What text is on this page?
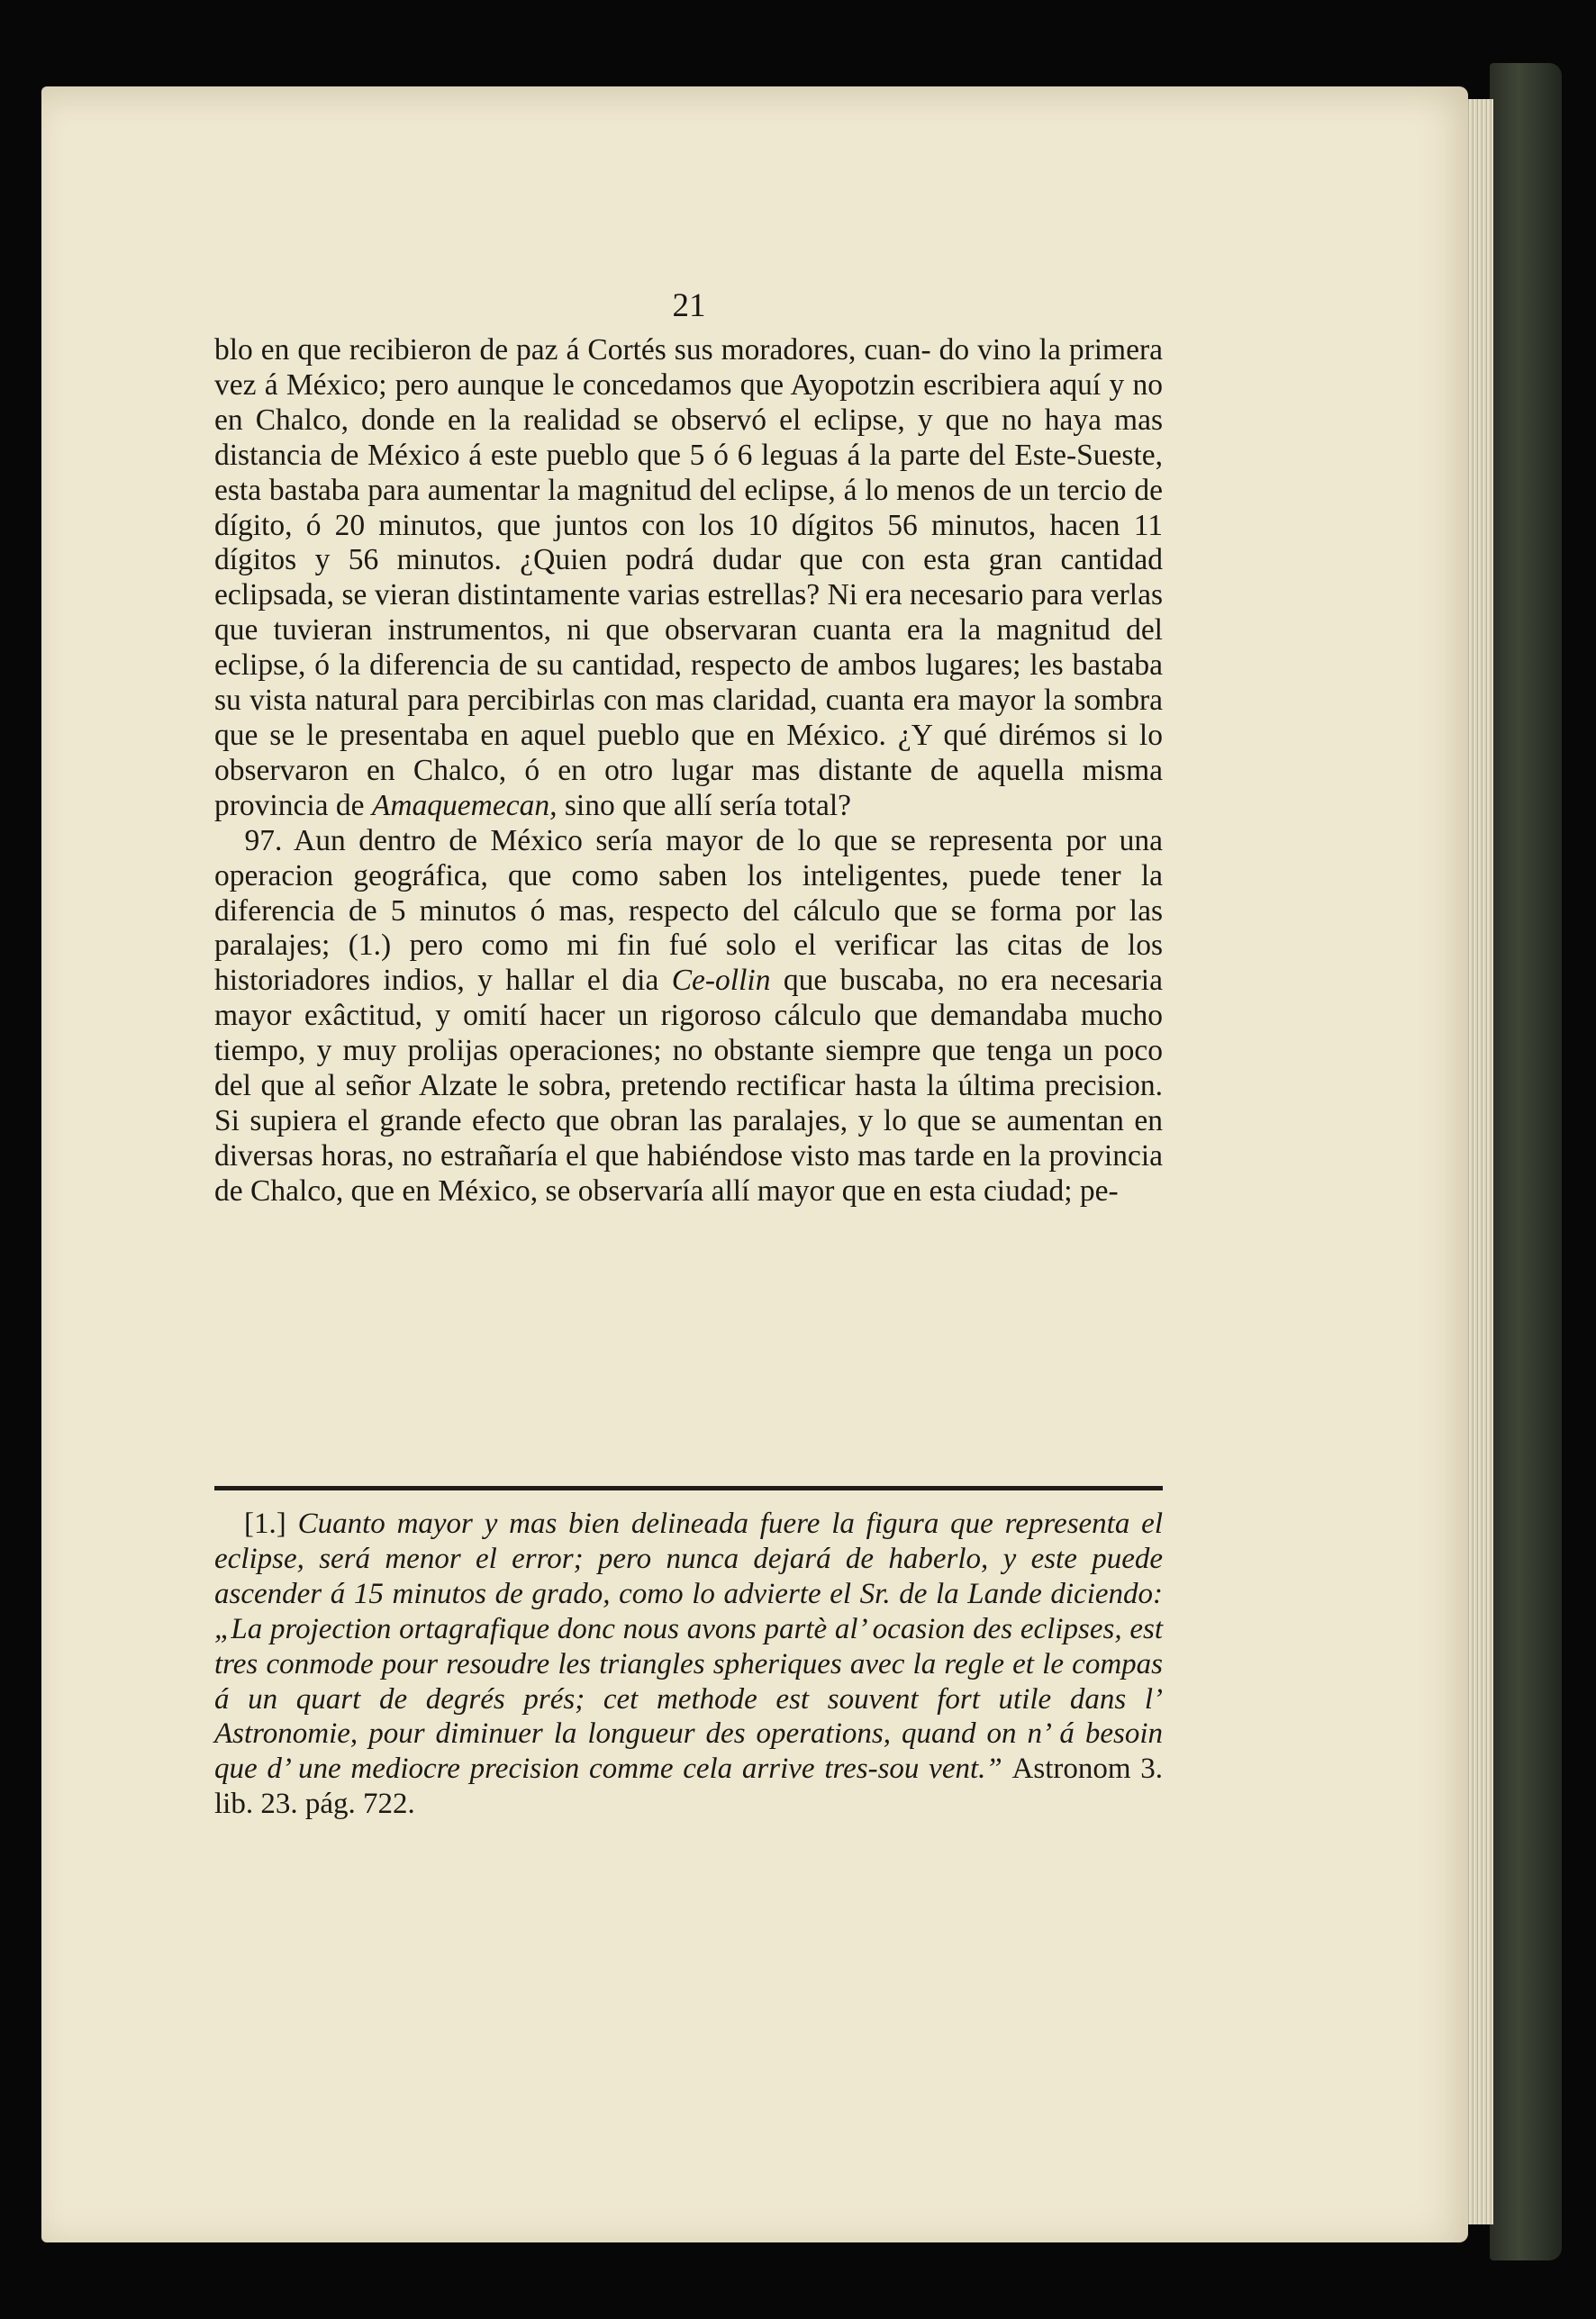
21

blo en que recibieron de paz á Cortés sus moradores, cuan- do vino la primera vez á México; pero aunque le concedamos que Ayopotzin escribiera aquí y no en Chalco, donde en la realidad se observó el eclipse, y que no haya mas distancia de México á este pueblo que 5 ó 6 leguas á la parte del Este-Sueste, esta bastaba para aumentar la magnitud del eclipse, á lo menos de un tercio de dígito, ó 20 minutos, que juntos con los 10 dígitos 56 minutos, hacen 11 dígitos y 56 minutos. ¿Quien podrá dudar que con esta gran cantidad eclipsada, se vieran distintamente varias estrellas? Ni era necesario para verlas que tuvieran instrumentos, ni que observaran cuanta era la magnitud del eclipse, ó la diferencia de su cantidad, respecto de ambos lugares; les bastaba su vista natural para percibirlas con mas claridad, cuanta era mayor la sombra que se le presentaba en aquel pueblo que en México. ¿Y qué dirémos si lo observaron en Chalco, ó en otro lugar mas distante de aquella misma provincia de Amaquemecan, sino que allí sería total?
 97. Aun dentro de México sería mayor de lo que se representa por una operacion geográfica, que como saben los inteligentes, puede tener la diferencia de 5 minutos ó mas, respecto del cálculo que se forma por las paralajes; (1.) pero como mi fin fué solo el verificar las citas de los historiadores indios, y hallar el dia Ce-ollin que buscaba, no era necesaria mayor exâctitud, y omití hacer un rigoroso cálculo que demandaba mucho tiempo, y muy prolijas operaciones; no obstante siempre que tenga un poco del que al señor Alzate le sobra, pretendo rectificar hasta la última precision. Si supiera el grande efecto que obran las paralajes, y lo que se aumentan en diversas horas, no estrañaría el que habiéndose visto mas tarde en la provincia de Chalco, que en México, se observaría allí mayor que en esta ciudad; pe-

 [1.] Cuanto mayor y mas bien delineada fuere la figura que representa el eclipse, será menor el error; pero nunca dejará de haberlo, y este puede ascender á 15 minutos de grado, como lo advierte el Sr. de la Lande diciendo: „La projection ortagrafique donc nous avons partè al’ ocasion des eclipses, est tres conmode pour resoudre les triangles spheriques avec la regle et le compas á un quart de degrés prés; cet methode est souvent fort utile dans l’ Astronomie, pour diminuer la longueur des operations, quand on n’ á besoin que d’ une mediocre precision comme cela arrive tres-sou vent.” Astronom 3. lib. 23. pág. 722.
